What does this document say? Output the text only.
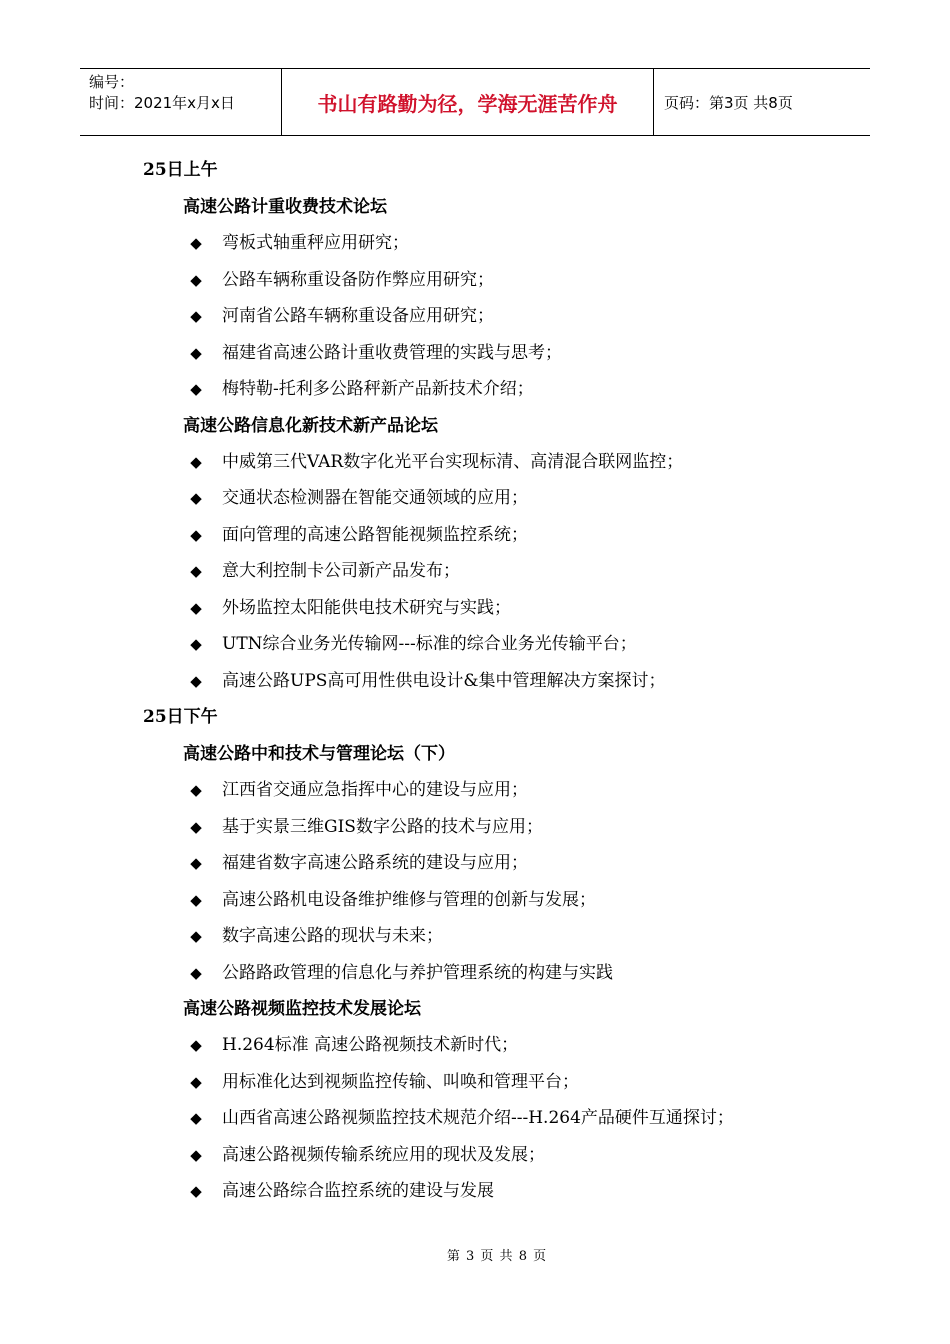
编号：
时间：2021年x月x日	书山有路勤为径，学海无涯苦作舟	页码：第3页 共8页
25日上午
高速公路计重收费技术论坛
◆ 弯板式轴重秤应用研究；
◆ 公路车辆称重设备防作弊应用研究；
◆ 河南省公路车辆称重设备应用研究；
◆ 福建省高速公路计重收费管理的实践与思考；
◆ 梅特勒-托利多公路秤新产品新技术介绍；
高速公路信息化新技术新产品论坛
◆ 中威第三代VAR数字化光平台实现标清、高清混合联网监控；
◆ 交通状态检测器在智能交通领域的应用；
◆ 面向管理的高速公路智能视频监控系统；
◆ 意大利控制卡公司新产品发布；
◆ 外场监控太阳能供电技术研究与实践；
◆ UTN综合业务光传输网---标准的综合业务光传输平台；
◆ 高速公路UPS高可用性供电设计&集中管理解决方案探讨；
25日下午
高速公路中和技术与管理论坛（下）
◆ 江西省交通应急指挥中心的建设与应用；
◆ 基于实景三维GIS数字公路的技术与应用；
◆ 福建省数字高速公路系统的建设与应用；
◆ 高速公路机电设备维护维修与管理的创新与发展；
◆ 数字高速公路的现状与未来；
◆ 公路路政管理的信息化与养护管理系统的构建与实践
高速公路视频监控技术发展论坛
◆ H.264标准 高速公路视频技术新时代；
◆ 用标准化达到视频监控传输、叫唤和管理平台；
◆ 山西省高速公路视频监控技术规范介绍---H.264产品硬件互通探讨；
◆ 高速公路视频传输系统应用的现状及发展；
◆ 高速公路综合监控系统的建设与发展
第 3 页 共 8 页
